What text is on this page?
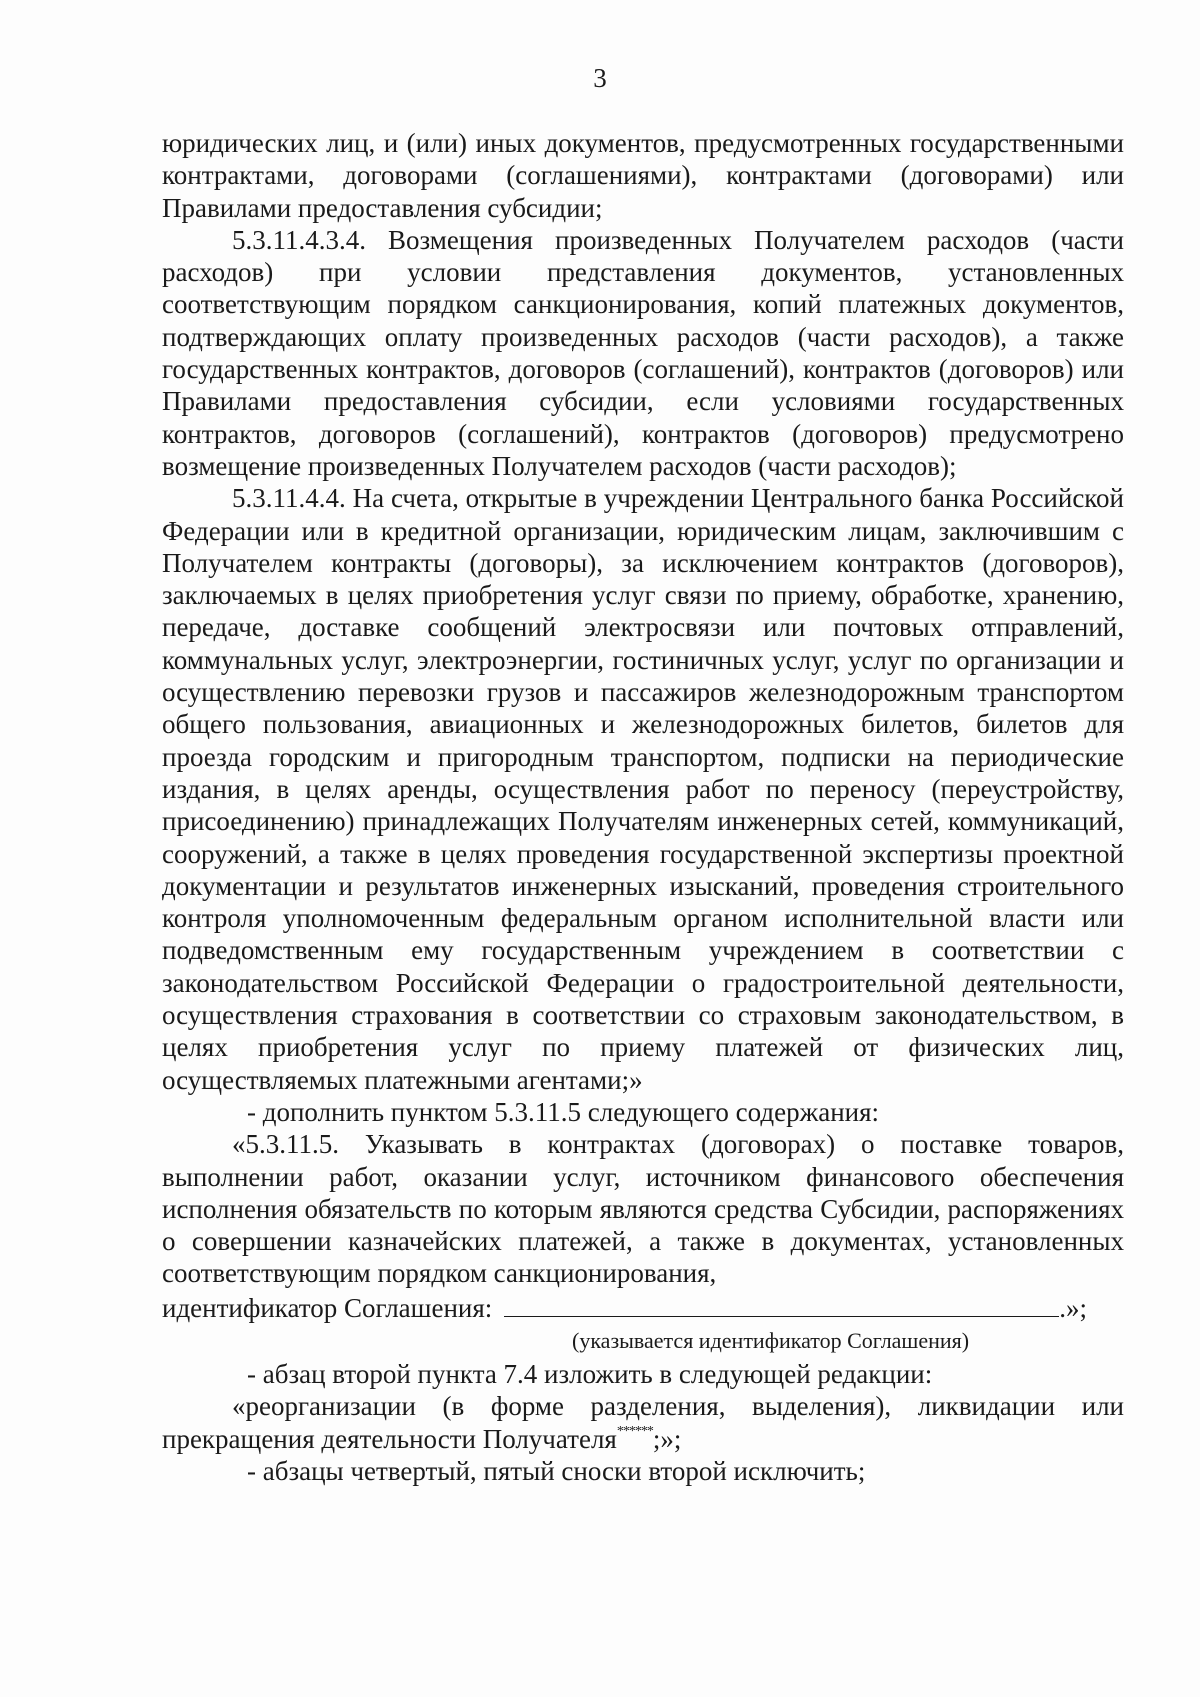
3

юридических лиц, и (или) иных документов, предусмотренных государственными контрактами, договорами (соглашениями), контрактами (договорами) или Правилами предоставления субсидии;

5.3.11.4.3.4. Возмещения произведенных Получателем расходов (части расходов) при условии представления документов, установленных соответствующим порядком санкционирования, копий платежных документов, подтверждающих оплату произведенных расходов (части расходов), а также государственных контрактов, договоров (соглашений), контрактов (договоров) или Правилами предоставления субсидии, если условиями государственных контрактов, договоров (соглашений), контрактов (договоров) предусмотрено возмещение произведенных Получателем расходов (части расходов);

5.3.11.4.4. На счета, открытые в учреждении Центрального банка Российской Федерации или в кредитной организации, юридическим лицам, заключившим с Получателем контракты (договоры), за исключением контрактов (договоров), заключаемых в целях приобретения услуг связи по приему, обработке, хранению, передаче, доставке сообщений электросвязи или почтовых отправлений, коммунальных услуг, электроэнергии, гостиничных услуг, услуг по организации и осуществлению перевозки грузов и пассажиров железнодорожным транспортом общего пользования, авиационных и железнодорожных билетов, билетов для проезда городским и пригородным транспортом, подписки на периодические издания, в целях аренды, осуществления работ по переносу (переустройству, присоединению) принадлежащих Получателям инженерных сетей, коммуникаций, сооружений, а также в целях проведения государственной экспертизы проектной документации и результатов инженерных изысканий, проведения строительного контроля уполномоченным федеральным органом исполнительной власти или подведомственным ему государственным учреждением в соответствии с законодательством Российской Федерации о градостроительной деятельности, осуществления страхования в соответствии со страховым законодательством, в целях приобретения услуг по приему платежей от физических лиц, осуществляемых платежными агентами;»

- дополнить пунктом 5.3.11.5 следующего содержания:

«5.3.11.5. Указывать в контрактах (договорах) о поставке товаров, выполнении работ, оказании услуг, источником финансового обеспечения исполнения обязательств по которым являются средства Субсидии, распоряжениях о совершении казначейских платежей, а также в документах, установленных соответствующим порядком санкционирования,

идентификатор Соглашения:	.»;

(указывается идентификатор Соглашения)

- абзац второй пункта 7.4 изложить в следующей редакции:

«реорганизации (в форме разделения, выделения), ликвидации или прекращения деятельности Получателя******;»;

- абзацы четвертый, пятый сноски второй исключить;
